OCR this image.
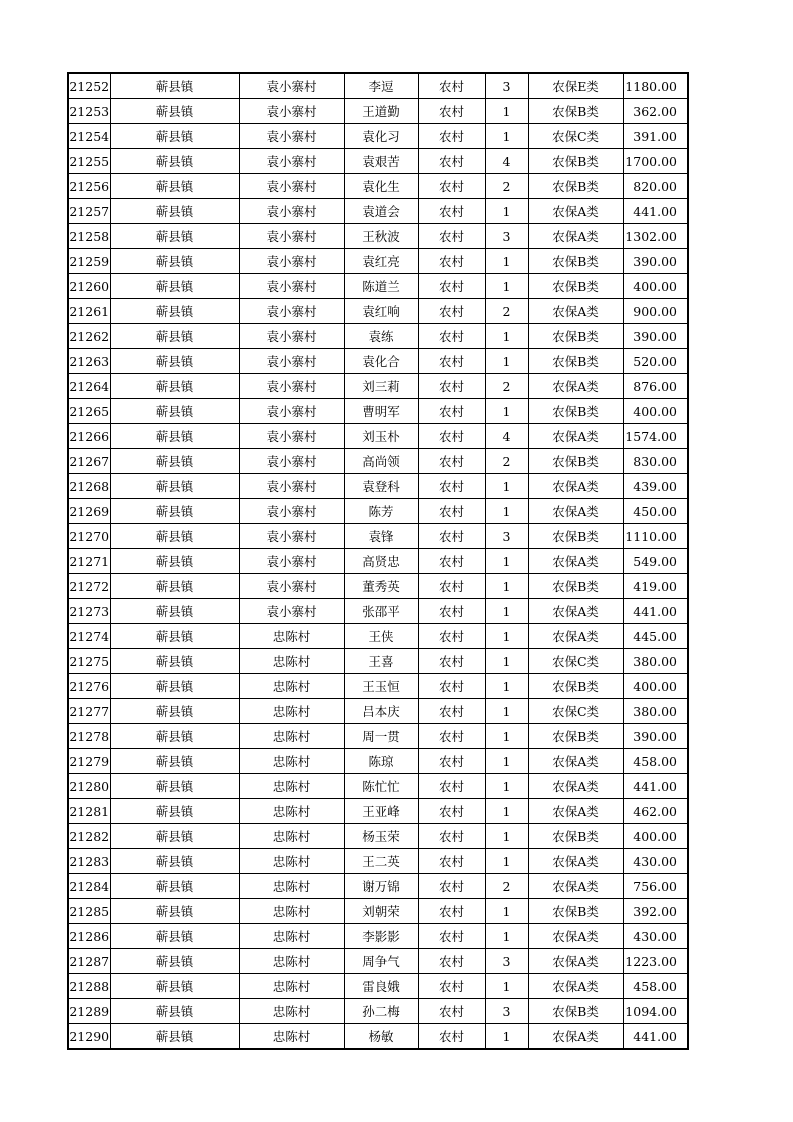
21252	蕲县镇	袁小寨村	李逗	农村	3	农保E类	1180.00
21253	蕲县镇	袁小寨村	王道勤	农村	1	农保B类	362.00
21254	蕲县镇	袁小寨村	袁化习	农村	1	农保C类	391.00
21255	蕲县镇	袁小寨村	袁艰苦	农村	4	农保B类	1700.00
21256	蕲县镇	袁小寨村	袁化生	农村	2	农保B类	820.00
21257	蕲县镇	袁小寨村	袁道会	农村	1	农保A类	441.00
21258	蕲县镇	袁小寨村	王秋波	农村	3	农保A类	1302.00
21259	蕲县镇	袁小寨村	袁红亮	农村	1	农保B类	390.00
21260	蕲县镇	袁小寨村	陈道兰	农村	1	农保B类	400.00
21261	蕲县镇	袁小寨村	袁红响	农村	2	农保A类	900.00
21262	蕲县镇	袁小寨村	袁练	农村	1	农保B类	390.00
21263	蕲县镇	袁小寨村	袁化合	农村	1	农保B类	520.00
21264	蕲县镇	袁小寨村	刘三莉	农村	2	农保A类	876.00
21265	蕲县镇	袁小寨村	曹明军	农村	1	农保B类	400.00
21266	蕲县镇	袁小寨村	刘玉朴	农村	4	农保A类	1574.00
21267	蕲县镇	袁小寨村	高尚领	农村	2	农保B类	830.00
21268	蕲县镇	袁小寨村	袁登科	农村	1	农保A类	439.00
21269	蕲县镇	袁小寨村	陈芳	农村	1	农保A类	450.00
21270	蕲县镇	袁小寨村	袁锋	农村	3	农保B类	1110.00
21271	蕲县镇	袁小寨村	高贤忠	农村	1	农保A类	549.00
21272	蕲县镇	袁小寨村	董秀英	农村	1	农保B类	419.00
21273	蕲县镇	袁小寨村	张邵平	农村	1	农保A类	441.00
21274	蕲县镇	忠陈村	王侠	农村	1	农保A类	445.00
21275	蕲县镇	忠陈村	王喜	农村	1	农保C类	380.00
21276	蕲县镇	忠陈村	王玉恒	农村	1	农保B类	400.00
21277	蕲县镇	忠陈村	吕本庆	农村	1	农保C类	380.00
21278	蕲县镇	忠陈村	周一贯	农村	1	农保B类	390.00
21279	蕲县镇	忠陈村	陈琼	农村	1	农保A类	458.00
21280	蕲县镇	忠陈村	陈忙忙	农村	1	农保A类	441.00
21281	蕲县镇	忠陈村	王亚峰	农村	1	农保A类	462.00
21282	蕲县镇	忠陈村	杨玉荣	农村	1	农保B类	400.00
21283	蕲县镇	忠陈村	王二英	农村	1	农保A类	430.00
21284	蕲县镇	忠陈村	谢万锦	农村	2	农保A类	756.00
21285	蕲县镇	忠陈村	刘朝荣	农村	1	农保B类	392.00
21286	蕲县镇	忠陈村	李影影	农村	1	农保A类	430.00
21287	蕲县镇	忠陈村	周争气	农村	3	农保A类	1223.00
21288	蕲县镇	忠陈村	雷良娥	农村	1	农保A类	458.00
21289	蕲县镇	忠陈村	孙二梅	农村	3	农保B类	1094.00
21290	蕲县镇	忠陈村	杨敏	农村	1	农保A类	441.00
